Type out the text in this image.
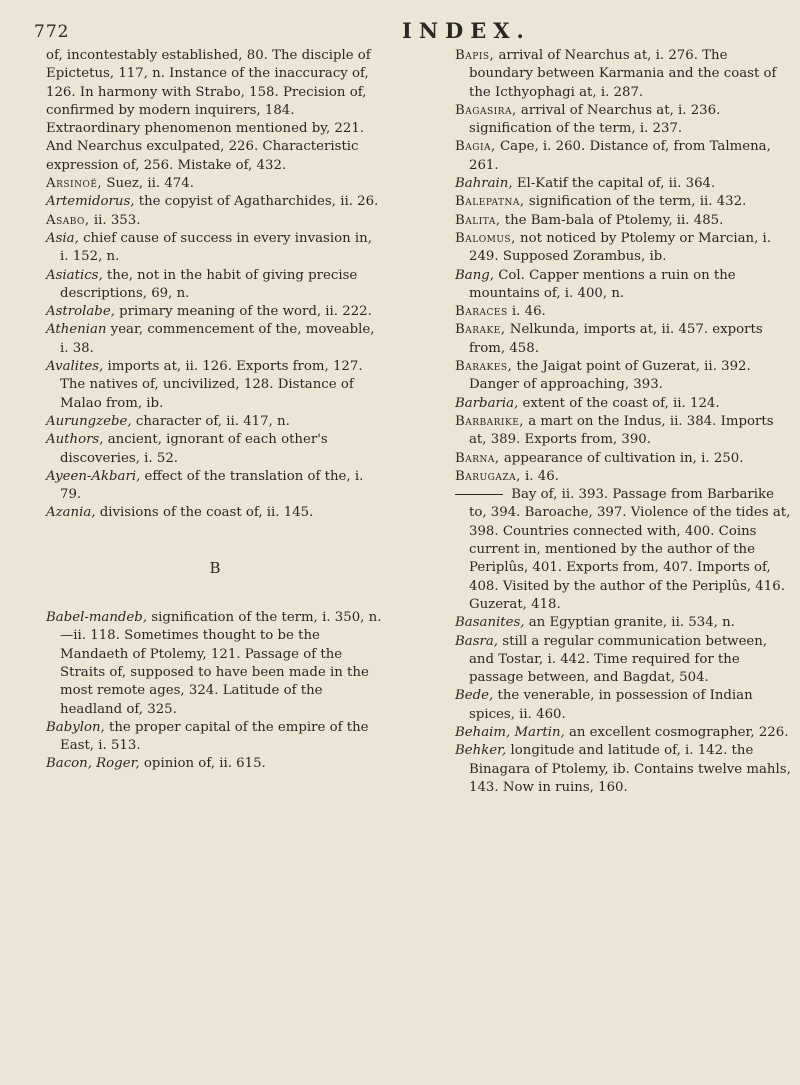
772	INDEX.

of, incontestably established, 80. The disciple of Epictetus, 117, n. Instance of the inaccuracy of, 126. In harmony with Strabo, 158. Precision of, confirmed by modern inquirers, 184. Extraordinary phenomenon mentioned by, 221. And Nearchus exculpated, 226. Characteristic expression of, 256. Mistake of, 432.

Arsinoë, Suez, ii. 474.

Artemidorus, the copyist of Agatharchides, ii. 26.

Asabo, ii. 353.

Asia, chief cause of success in every invasion in, i. 152, n.

Asiatics, the, not in the habit of giving precise descriptions, 69, n.

Astrolabe, primary meaning of the word, ii. 222.

Athenian year, commencement of the, moveable, i. 38.

Avalites, imports at, ii. 126. Exports from, 127. The natives of, uncivilized, 128. Distance of Malao from, ib.

Aurungzebe, character of, ii. 417, n.

Authors, ancient, ignorant of each other's discoveries, i. 52.

Ayeen-Akbari, effect of the translation of the, i. 79.

Azania, divisions of the coast of, ii. 145.

B

Babel-mandeb, signification of the term, i. 350, n.—ii. 118. Sometimes thought to be the Mandaeth of Ptolemy, 121. Passage of the Straits of, supposed to have been made in the most remote ages, 324. Latitude of the headland of, 325.

Babylon, the proper capital of the empire of the East, i. 513.

Bacon, Roger, opinion of, ii. 615.

Bapis, arrival of Nearchus at, i. 276. The boundary between Karmania and the coast of the Icthyophagi at, i. 287.

Bagasira, arrival of Nearchus at, i. 236. signification of the term, i. 237.

Bagia, Cape, i. 260. Distance of, from Talmena, 261.

Bahrain, El-Katif the capital of, ii. 364.

Balepatna, signification of the term, ii. 432.

Balita, the Bam-bala of Ptolemy, ii. 485.

Balomus, not noticed by Ptolemy or Marcian, i. 249. Supposed Zorambus, ib.

Bang, Col. Capper mentions a ruin on the mountains of, i. 400, n.

Baraces i. 46.

Barake, Nelkunda, imports at, ii. 457. exports from, 458.

Barakes, the Jaigat point of Guzerat, ii. 392. Danger of approaching, 393.

Barbaria, extent of the coast of, ii. 124.

Barbarike, a mart on the Indus, ii. 384. Imports at, 389. Exports from, 390.

Barna, appearance of cultivation in, i. 250.

Barugaza, i. 46.

Bay of, ii. 393. Passage from Barbarike to, 394. Baroache, 397. Violence of the tides at, 398. Countries connected with, 400. Coins current in, mentioned by the author of the Periplûs, 401. Exports from, 407. Imports of, 408. Visited by the author of the Periplûs, 416. Guzerat, 418.

Basanites, an Egyptian granite, ii. 534, n.

Basra, still a regular communication between, and Tostar, i. 442. Time required for the passage between, and Bagdat, 504.

Bede, the venerable, in possession of Indian spices, ii. 460.

Behaim, Martin, an excellent cosmographer, 226.

Behker, longitude and latitude of, i. 142. the Binagara of Ptolemy, ib. Contains twelve mahls, 143. Now in ruins, 160.
